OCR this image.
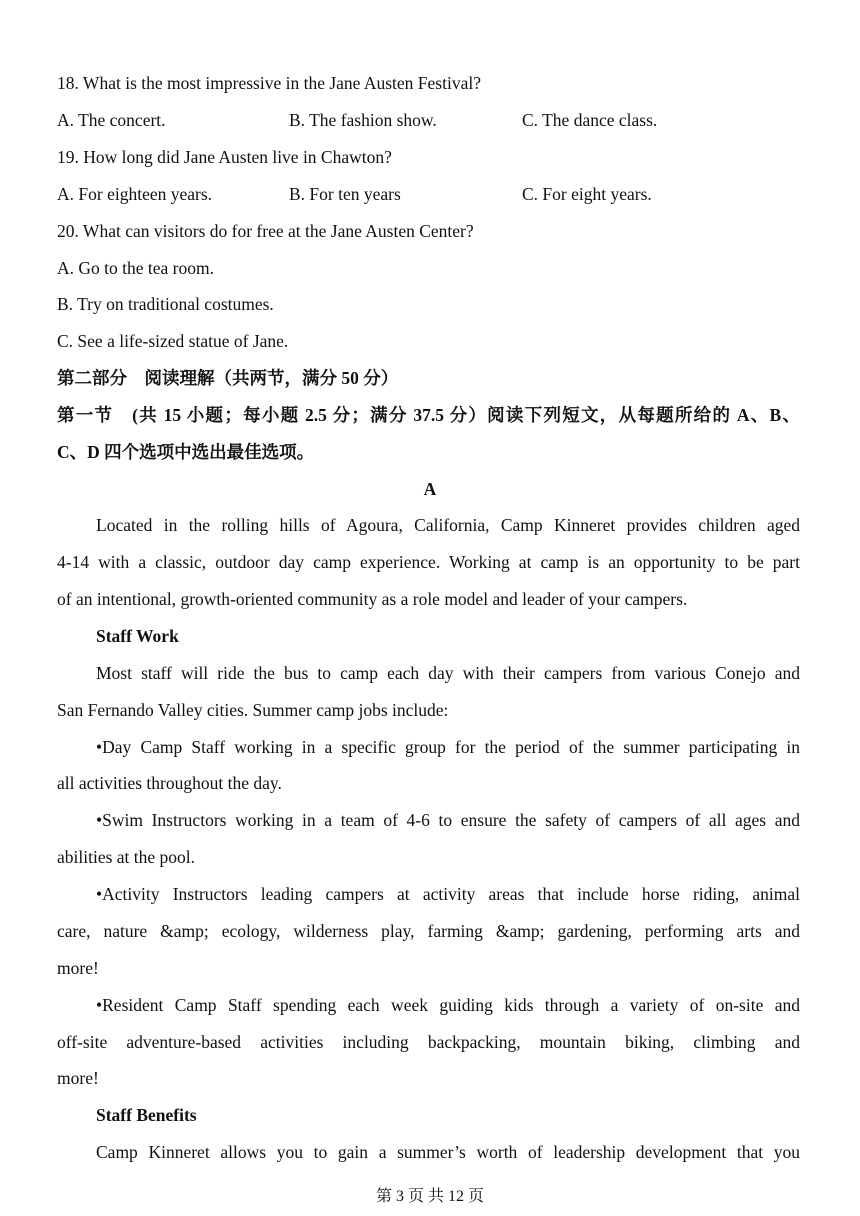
18. What is the most impressive in the Jane Austen Festival?
A. The concert.	B. The fashion show.	C. The dance class.
19. How long did Jane Austen live in Chawton?
A. For eighteen years.	B. For ten years	C. For eight years.
20. What can visitors do for free at the Jane Austen Center?
A. Go to the tea room.
B. Try on traditional costumes.
C. See a life-sized statue of Jane.
第二部分　阅读理解（共两节，满分 50 分）
第一节　(共 15 小题；每小题 2.5 分；满分 37.5 分）阅读下列短文，从每题所给的 A、B、
C、D 四个选项中选出最佳选项。
A
Located in the rolling hills of Agoura, California, Camp Kinneret provides children aged
4-14 with a classic, outdoor day camp experience. Working at camp is an opportunity to be part
of an intentional, growth-oriented community as a role model and leader of your campers.
Staff Work
Most staff will ride the bus to camp each day with their campers from various Conejo and
San Fernando Valley cities. Summer camp jobs include:
•Day Camp Staff working in a specific group for the period of the summer participating in
all activities throughout the day.
•Swim Instructors working in a team of 4-6 to ensure the safety of campers of all ages and
abilities at the pool.
•Activity Instructors leading campers at activity areas that include horse riding, animal
care, nature &amp; ecology, wilderness play, farming &amp; gardening, performing arts and
more!
•Resident Camp Staff spending each week guiding kids through a variety of on-site and
off-site adventure-based activities including backpacking, mountain biking, climbing and
more!
Staff Benefits
Camp Kinneret allows you to gain a summer’s worth of leadership development that you
第 3 页 共 12 页
